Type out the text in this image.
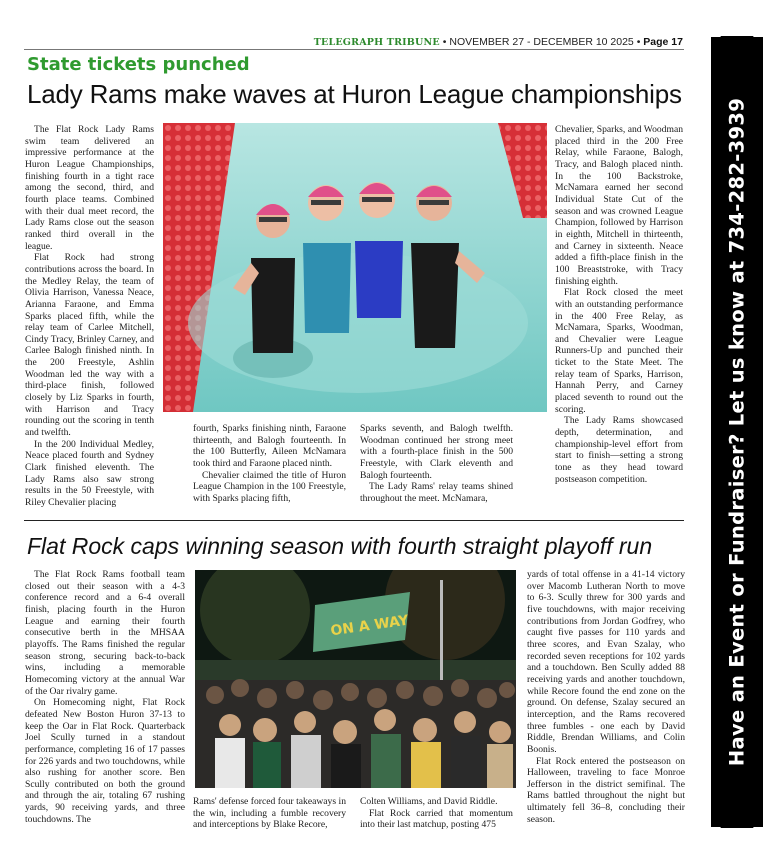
TELEGRAPH TRIBUNE • NOVEMBER 27 - DECEMBER 10 2025 • Page 17
State tickets punched
Lady Rams make waves at Huron League championships

The Flat Rock Lady Rams swim team delivered an impressive performance at the Huron League Championships, finishing fourth in a tight race among the second, third, and fourth place teams. Combined with their dual meet record, the Lady Rams close out the season ranked third overall in the league.

Flat Rock had strong contributions across the board. In the Medley Relay, the team of Olivia Harrison, Vanessa Neace, Arianna Faraone, and Emma Sparks placed fifth, while the relay team of Carlee Mitchell, Cindy Tracy, Brinley Carney, and Carlee Balogh finished ninth. In the 200 Freestyle, Ashlin Woodman led the way with a third-place finish, followed closely by Liz Sparks in fourth, with Harrison and Tracy rounding out the scoring in tenth and twelfth.

In the 200 Individual Medley, Neace placed fourth and Sydney Clark finished eleventh. The Lady Rams also saw strong results in the 50 Freestyle, with Riley Chevalier placing

fourth, Sparks finishing ninth, Faraone thirteenth, and Balogh fourteenth. In the 100 Butterfly, Aileen McNamara took third and Faraone placed ninth.

Chevalier claimed the title of Huron League Champion in the 100 Freestyle, with Sparks placing fifth,

Sparks seventh, and Balogh twelfth. Woodman continued her strong meet with a fourth-place finish in the 500 Freestyle, with Clark eleventh and Balogh fourteenth.

The Lady Rams' relay teams shined throughout the meet. McNamara,

Chevalier, Sparks, and Woodman placed third in the 200 Free Relay, while Faraone, Balogh, Tracy, and Balogh placed ninth. In the 100 Backstroke, McNamara earned her second Individual State Cut of the season and was crowned League Champion, followed by Harrison in eighth, Mitchell in thirteenth, and Carney in sixteenth. Neace added a fifth-place finish in the 100 Breaststroke, with Tracy finishing eighth.

Flat Rock closed the meet with an outstanding performance in the 400 Free Relay, as McNamara, Sparks, Woodman, and Chevalier were League Runners-Up and punched their ticket to the State Meet. The relay team of Sparks, Harrison, Hannah Perry, and Carney placed seventh to round out the scoring.

The Lady Rams showcased depth, determination, and championship-level effort from start to finish—setting a strong tone as they head toward postseason competition.

Flat Rock caps winning season with fourth straight playoff run

The Flat Rock Rams football team closed out their season with a 4-3 conference record and a 6-4 overall finish, placing fourth in the Huron League and earning their fourth consecutive berth in the MHSAA playoffs. The Rams finished the regular season strong, securing back-to-back wins, including a memorable Homecoming victory at the annual War of the Oar rivalry game.

On Homecoming night, Flat Rock defeated New Boston Huron 37-13 to keep the Oar in Flat Rock. Quarterback Joel Scully turned in a standout performance, completing 16 of 17 passes for 226 yards and two touchdowns, while also rushing for another score. Ben Scully contributed on both the ground and through the air, totaling 67 rushing yards, 90 receiving yards, and three touchdowns. The

ON A WAY

Rams' defense forced four takeaways in the win, including a fumble recovery and interceptions by Blake Recore,

Colten Williams, and David Riddle.

Flat Rock carried that momentum into their last matchup, posting 475

yards of total offense in a 41-14 victory over Macomb Lutheran North to move to 6-3. Scully threw for 300 yards and five touchdowns, with major receiving contributions from Jordan Godfrey, who caught five passes for 110 yards and three scores, and Evan Szalay, who recorded seven receptions for 102 yards and a touchdown. Ben Scully added 88 receiving yards and another touchdown, while Recore found the end zone on the ground. On defense, Szalay secured an interception, and the Rams recovered three fumbles - one each by David Riddle, Brendan Williams, and Colin Boonis.

Flat Rock entered the postseason on Halloween, traveling to face Monroe Jefferson in the district semifinal. The Rams battled throughout the night but ultimately fell 36–8, concluding their season.

Have an Event or Fundraiser? Let us know at 734-282-3939
